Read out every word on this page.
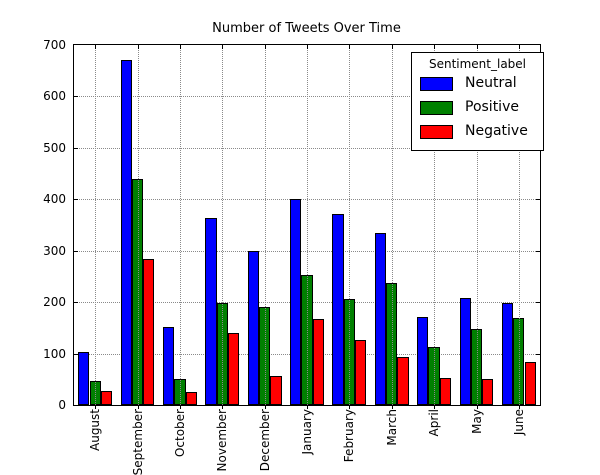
Number of Tweets Over Time
0
100
200
300
400
500
600
700
August September October November December January February March April May June
Sentiment_label
Neutral
Positive
Negative
